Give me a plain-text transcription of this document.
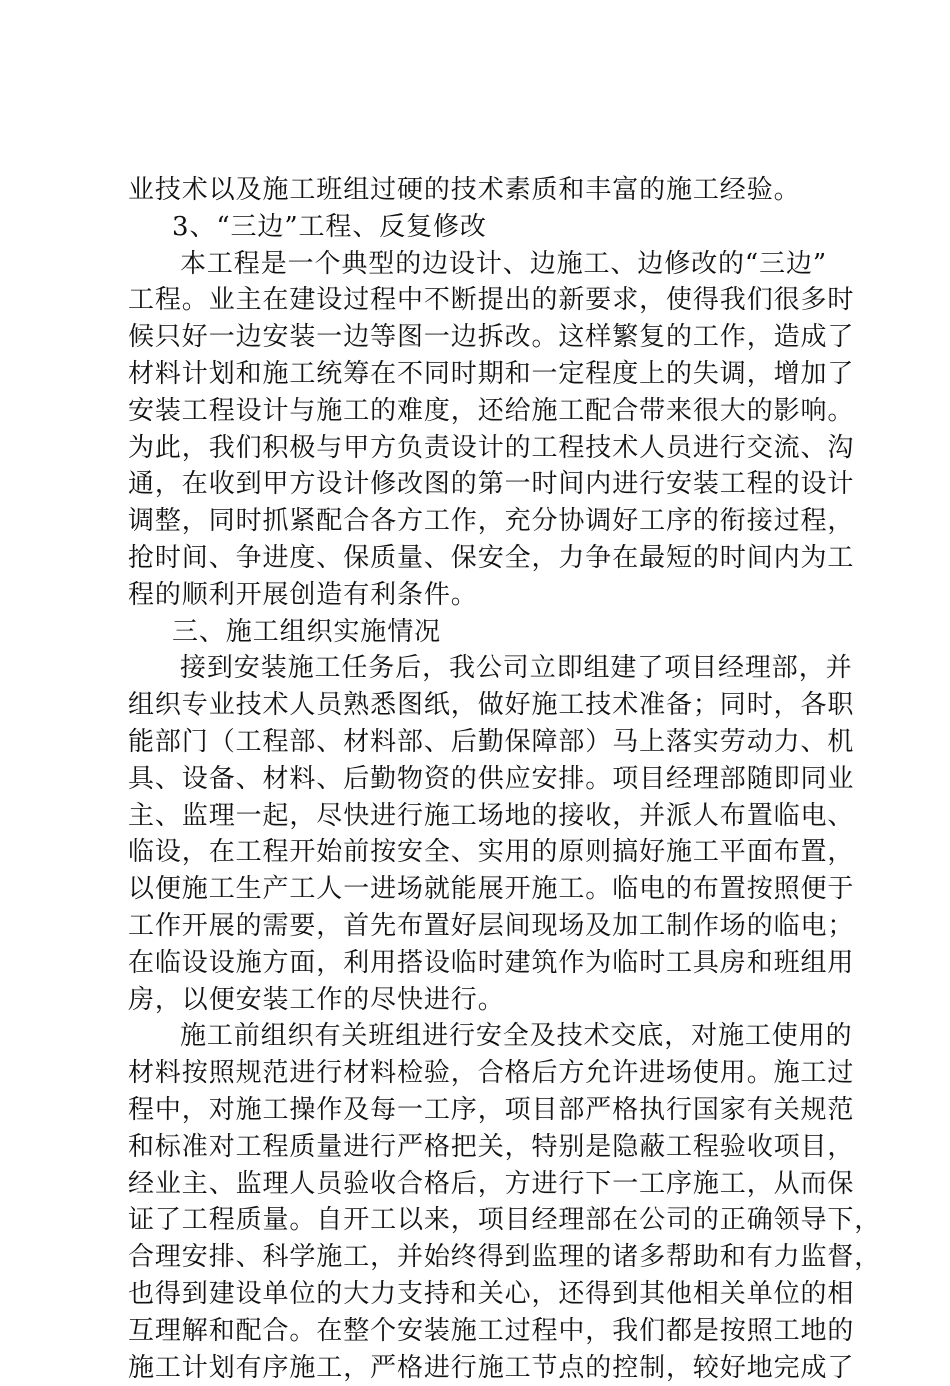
业技术以及施工班组过硬的技术素质和丰富的施工经验。
3、“三边”工程、反复修改
本工程是一个典型的边设计、边施工、边修改的“三边”
工程。业主在建设过程中不断提出的新要求，使得我们很多时
候只好一边安装一边等图一边拆改。这样繁复的工作，造成了
材料计划和施工统筹在不同时期和一定程度上的失调，增加了
安装工程设计与施工的难度，还给施工配合带来很大的影响。
为此，我们积极与甲方负责设计的工程技术人员进行交流、沟
通，在收到甲方设计修改图的第一时间内进行安装工程的设计
调整，同时抓紧配合各方工作，充分协调好工序的衔接过程，
抢时间、争进度、保质量、保安全，力争在最短的时间内为工
程的顺利开展创造有利条件。
三、施工组织实施情况
接到安装施工任务后，我公司立即组建了项目经理部，并
组织专业技术人员熟悉图纸，做好施工技术准备；同时，各职
能部门（工程部、材料部、后勤保障部）马上落实劳动力、机
具、设备、材料、后勤物资的供应安排。项目经理部随即同业
主、监理一起，尽快进行施工场地的接收，并派人布置临电、
临设，在工程开始前按安全、实用的原则搞好施工平面布置，
以便施工生产工人一进场就能展开施工。临电的布置按照便于
工作开展的需要，首先布置好层间现场及加工制作场的临电；
在临设设施方面，利用搭设临时建筑作为临时工具房和班组用
房，以便安装工作的尽快进行。
施工前组织有关班组进行安全及技术交底，对施工使用的
材料按照规范进行材料检验，合格后方允许进场使用。施工过
程中，对施工操作及每一工序，项目部严格执行国家有关规范
和标准对工程质量进行严格把关，特别是隐蔽工程验收项目，
经业主、监理人员验收合格后，方进行下一工序施工，从而保
证了工程质量。自开工以来，项目经理部在公司的正确领导下，
合理安排、科学施工，并始终得到监理的诸多帮助和有力监督，
也得到建设单位的大力支持和关心，还得到其他相关单位的相
互理解和配合。在整个安装施工过程中，我们都是按照工地的
施工计划有序施工，严格进行施工节点的控制，较好地完成了
